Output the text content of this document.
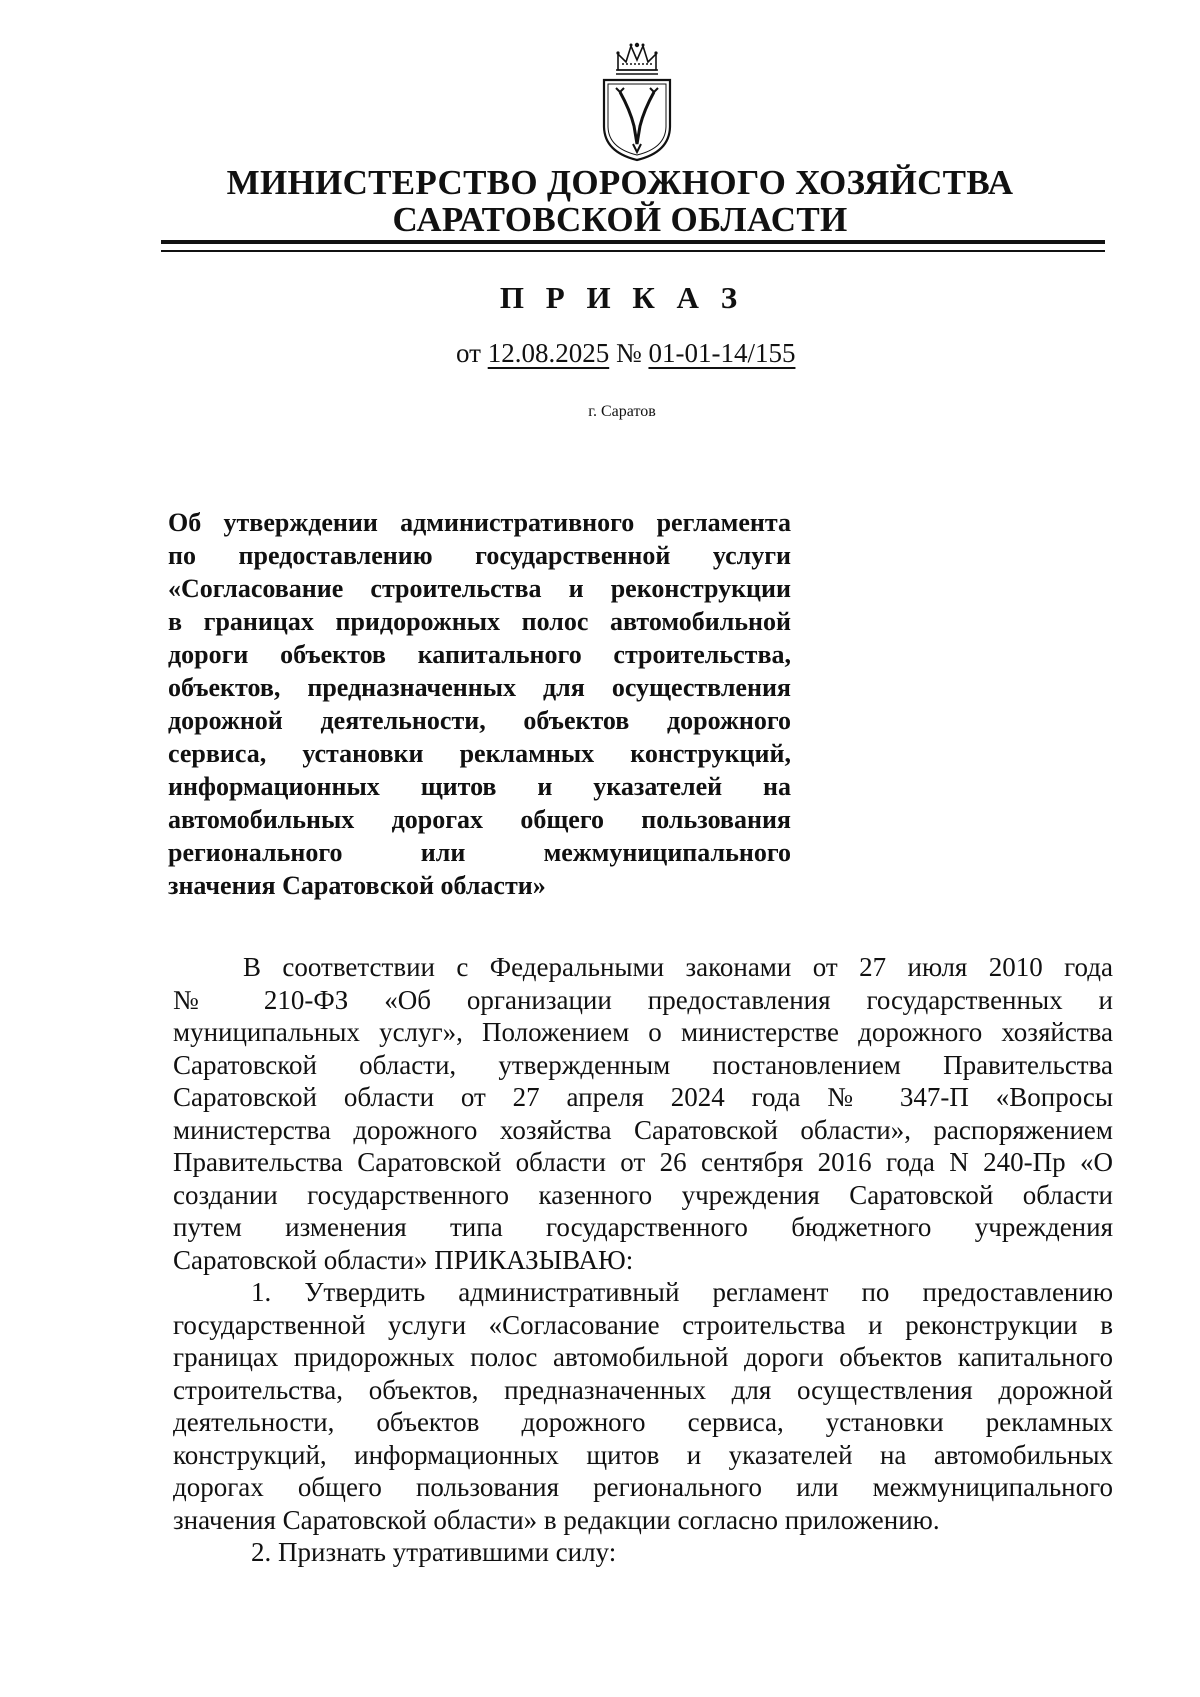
МИНИСТЕРСТВО ДОРОЖНОГО ХОЗЯЙСТВА
САРАТОВСКОЙ ОБЛАСТИ
П Р И К А З
от 12.08.2025 № 01-01-14/155
г. Саратов
Об утверждении административного регламента
по предоставлению государственной услуги
«Согласование строительства и реконструкции
в границах придорожных полос автомобильной
дороги объектов капитального строительства,
объектов, предназначенных для осуществления
дорожной деятельности, объектов дорожного
сервиса, установки рекламных конструкций,
информационных щитов и указателей на
автомобильных дорогах общего пользования
регионального или межмуниципального
значения Саратовской области»
В соответствии с Федеральными законами от 27 июля 2010 года
№ 210-ФЗ «Об организации предоставления государственных и
муниципальных услуг», Положением о министерстве дорожного хозяйства
Саратовской области, утвержденным постановлением Правительства
Саратовской области от 27 апреля 2024 года № 347-П «Вопросы
министерства дорожного хозяйства Саратовской области», распоряжением
Правительства Саратовской области от 26 сентября 2016 года N 240-Пр «О
создании государственного казенного учреждения Саратовской области
путем изменения типа государственного бюджетного учреждения
Саратовской области» ПРИКАЗЫВАЮ:
1. Утвердить административный регламент по предоставлению
государственной услуги «Согласование строительства и реконструкции в
границах придорожных полос автомобильной дороги объектов капитального
строительства, объектов, предназначенных для осуществления дорожной
деятельности, объектов дорожного сервиса, установки рекламных
конструкций, информационных щитов и указателей на автомобильных
дорогах общего пользования регионального или межмуниципального
значения Саратовской области» в редакции согласно приложению.
2. Признать утратившими силу:
